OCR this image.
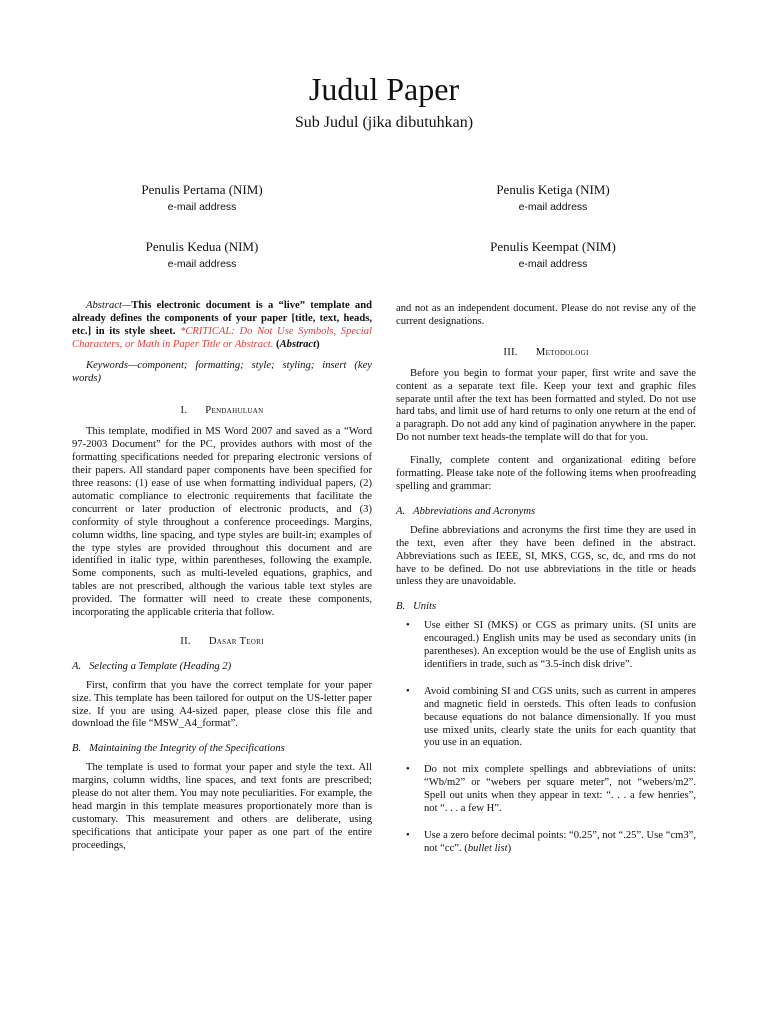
Judul Paper
Sub Judul (jika dibutuhkan)
Penulis Pertama (NIM)
e-mail address
Penulis Ketiga (NIM)
e-mail address
Penulis Kedua (NIM)
e-mail address
Penulis Keempat (NIM)
e-mail address

Abstract—This electronic document is a “live” template and already defines the components of your paper [title, text, heads, etc.] in its style sheet. *CRITICAL: Do Not Use Symbols, Special Characters, or Math in Paper Title or Abstract. (Abstract)

Keywords—component; formatting; style; styling; insert (key words)

I. Pendahuluan

This template, modified in MS Word 2007 and saved as a “Word 97-2003 Document” for the PC, provides authors with most of the formatting specifications needed for preparing electronic versions of their papers. All standard paper components have been specified for three reasons: (1) ease of use when formatting individual papers, (2) automatic compliance to electronic requirements that facilitate the concurrent or later production of electronic products, and (3) conformity of style throughout a conference proceedings. Margins, column widths, line spacing, and type styles are built-in; examples of the type styles are provided throughout this document and are identified in italic type, within parentheses, following the example. Some components, such as multi-leveled equations, graphics, and tables are not prescribed, although the various table text styles are provided. The formatter will need to create these components, incorporating the applicable criteria that follow.

II. Dasar Teori
A. Selecting a Template (Heading 2)

First, confirm that you have the correct template for your paper size. This template has been tailored for output on the US-letter paper size. If you are using A4-sized paper, please close this file and download the file “MSW_A4_format”.

B. Maintaining the Integrity of the Specifications

The template is used to format your paper and style the text. All margins, column widths, line spaces, and text fonts are prescribed; please do not alter them. You may note peculiarities. For example, the head margin in this template measures proportionately more than is customary. This measurement and others are deliberate, using specifications that anticipate your paper as one part of the entire proceedings,

and not as an independent document. Please do not revise any of the current designations.

III. Metodologi

Before you begin to format your paper, first write and save the content as a separate text file. Keep your text and graphic files separate until after the text has been formatted and styled. Do not use hard tabs, and limit use of hard returns to only one return at the end of a paragraph. Do not add any kind of pagination anywhere in the paper. Do not number text heads-the template will do that for you.

Finally, complete content and organizational editing before formatting. Please take note of the following items when proofreading spelling and grammar:

A. Abbreviations and Acronyms

Define abbreviations and acronyms the first time they are used in the text, even after they have been defined in the abstract. Abbreviations such as IEEE, SI, MKS, CGS, sc, dc, and rms do not have to be defined. Do not use abbreviations in the title or heads unless they are unavoidable.

B. Units
• Use either SI (MKS) or CGS as primary units. (SI units are encouraged.) English units may be used as secondary units (in parentheses). An exception would be the use of English units as identifiers in trade, such as “3.5-inch disk drive”.
• Avoid combining SI and CGS units, such as current in amperes and magnetic field in oersteds. This often leads to confusion because equations do not balance dimensionally. If you must use mixed units, clearly state the units for each quantity that you use in an equation.
• Do not mix complete spellings and abbreviations of units: “Wb/m2” or “webers per square meter”, not “webers/m2”. Spell out units when they appear in text: “. . . a few henries”, not “. . . a few H”.
• Use a zero before decimal points: “0.25”, not “.25”. Use “cm3”, not “cc”. (bullet list)
